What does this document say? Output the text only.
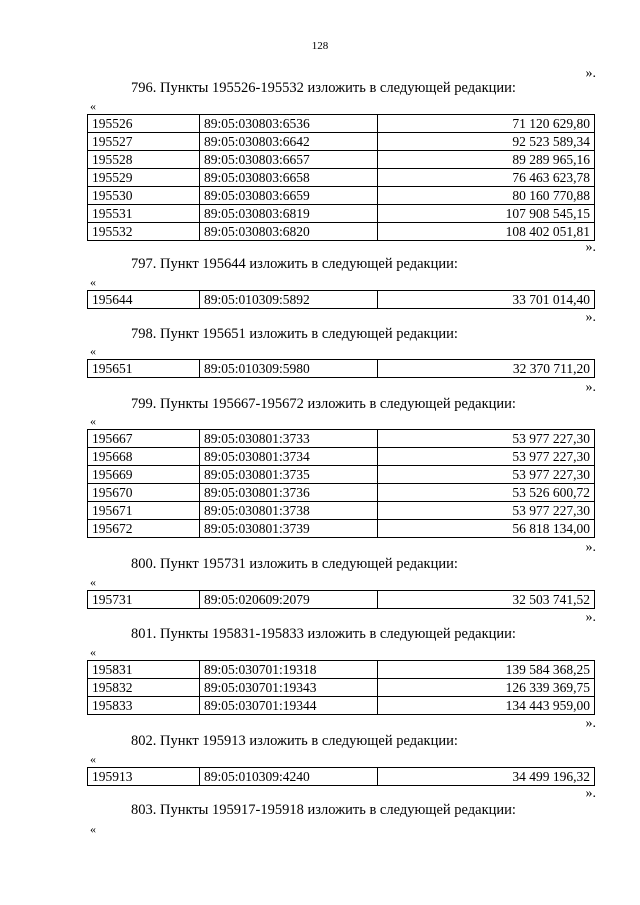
128
».
796. Пункты 195526-195532 изложить в следующей редакции:
«
195526	89:05:030803:6536	71 120 629,80
195527	89:05:030803:6642	92 523 589,34
195528	89:05:030803:6657	89 289 965,16
195529	89:05:030803:6658	76 463 623,78
195530	89:05:030803:6659	80 160 770,88
195531	89:05:030803:6819	107 908 545,15
195532	89:05:030803:6820	108 402 051,81
».
797. Пункт 195644 изложить в следующей редакции:
«
195644	89:05:010309:5892	33 701 014,40
».
798. Пункт 195651 изложить в следующей редакции:
«
195651	89:05:010309:5980	32 370 711,20
».
799. Пункты 195667-195672 изложить в следующей редакции:
«
195667	89:05:030801:3733	53 977 227,30
195668	89:05:030801:3734	53 977 227,30
195669	89:05:030801:3735	53 977 227,30
195670	89:05:030801:3736	53 526 600,72
195671	89:05:030801:3738	53 977 227,30
195672	89:05:030801:3739	56 818 134,00
».
800. Пункт 195731 изложить в следующей редакции:
«
195731	89:05:020609:2079	32 503 741,52
».
801. Пункты 195831-195833 изложить в следующей редакции:
«
195831	89:05:030701:19318	139 584 368,25
195832	89:05:030701:19343	126 339 369,75
195833	89:05:030701:19344	134 443 959,00
».
802. Пункт 195913 изложить в следующей редакции:
«
195913	89:05:010309:4240	34 499 196,32
».
803. Пункты 195917-195918 изложить в следующей редакции:
«
